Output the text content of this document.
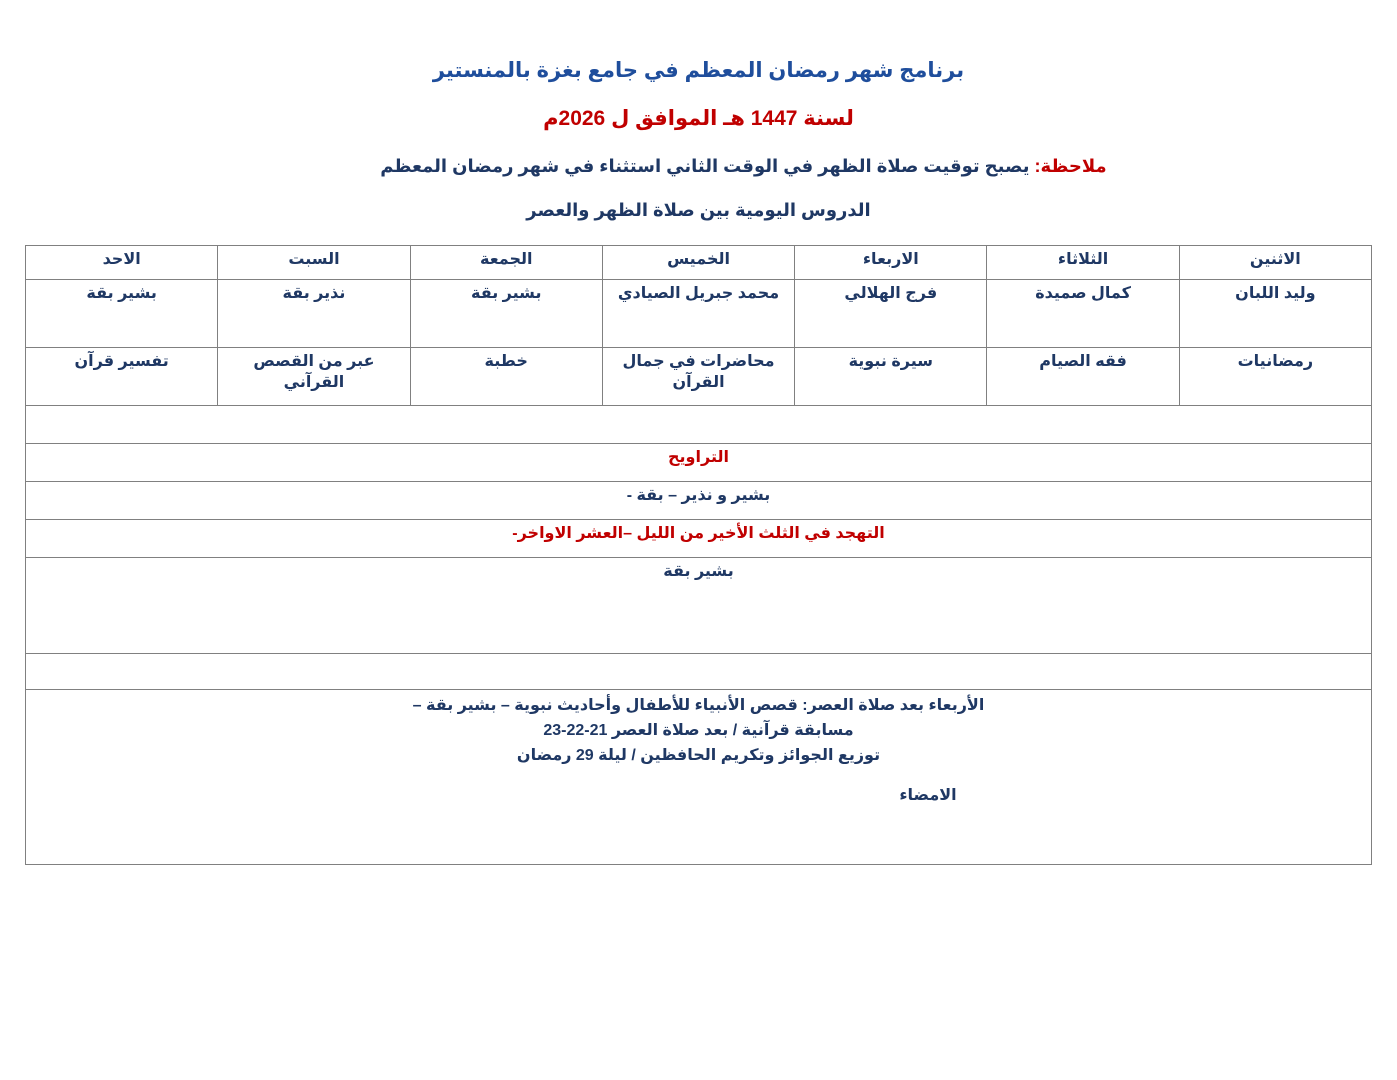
برنامج شهر رمضان المعظم في جامع بغزة بالمنستير
لسنة 1447 هـ الموافق ل 2026م
ملاحظة: يصبح توقيت صلاة الظهر في الوقت الثاني استثناء في شهر رمضان المعظم
الدروس اليومية بين صلاة الظهر والعصر
الاثنين	الثلاثاء	الاربعاء	الخميس	الجمعة	السبت	الاحد
وليد اللبان	كمال صميدة	فرج الهلالي	محمد جبريل الصيادي	بشير بقة	نذير بقة	بشير بقة
رمضانيات	فقه الصيام	سيرة نبوية	محاضرات في جمال القرآن	خطبة	عبر من القصص القرآني	تفسير قرآن

التراويح						
بشير و نذير – بقة -						
التهجد في الثلث الأخير من الليل –العشر الاواخر-						
بشير بقة						

الأربعاء بعد صلاة العصر: قصص الأنبياء للأطفال وأحاديث نبوية – بشير بقة –
مسابقة قرآنية / بعد صلاة العصر 21-22-23
توزيع الجوائز وتكريم الحافظين / ليلة 29 رمضان
الامضاء						
